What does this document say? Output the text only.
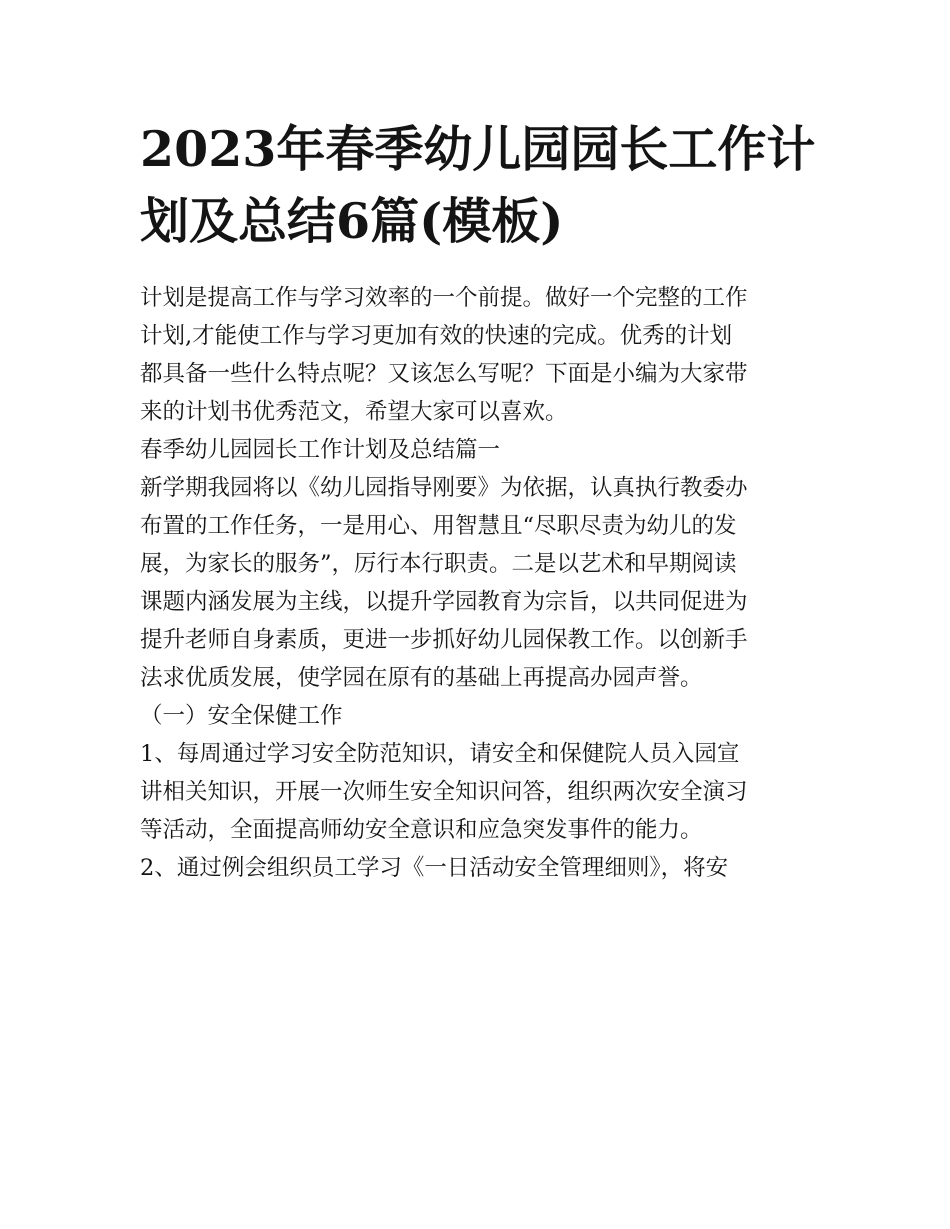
2023年春季幼儿园园长工作计
划及总结6篇(模板)

计划是提高工作与学习效率的一个前提。做好一个完整的工作
计划,才能使工作与学习更加有效的快速的完成。优秀的计划
都具备一些什么特点呢？又该怎么写呢？下面是小编为大家带
来的计划书优秀范文，希望大家可以喜欢。

春季幼儿园园长工作计划及总结篇一

新学期我园将以《幼儿园指导刚要》为依据，认真执行教委办
布置的工作任务，一是用心、用智慧且“尽职尽责为幼儿的发
展，为家长的服务”，厉行本行职责。二是以艺术和早期阅读
课题内涵发展为主线，以提升学园教育为宗旨，以共同促进为
提升老师自身素质，更进一步抓好幼儿园保教工作。以创新手
法求优质发展，使学园在原有的基础上再提高办园声誉。

（一）安全保健工作

1、每周通过学习安全防范知识，请安全和保健院人员入园宣
讲相关知识，开展一次师生安全知识问答，组织两次安全演习
等活动，全面提高师幼安全意识和应急突发事件的能力。

2、通过例会组织员工学习《一日活动安全管理细则》，将安
